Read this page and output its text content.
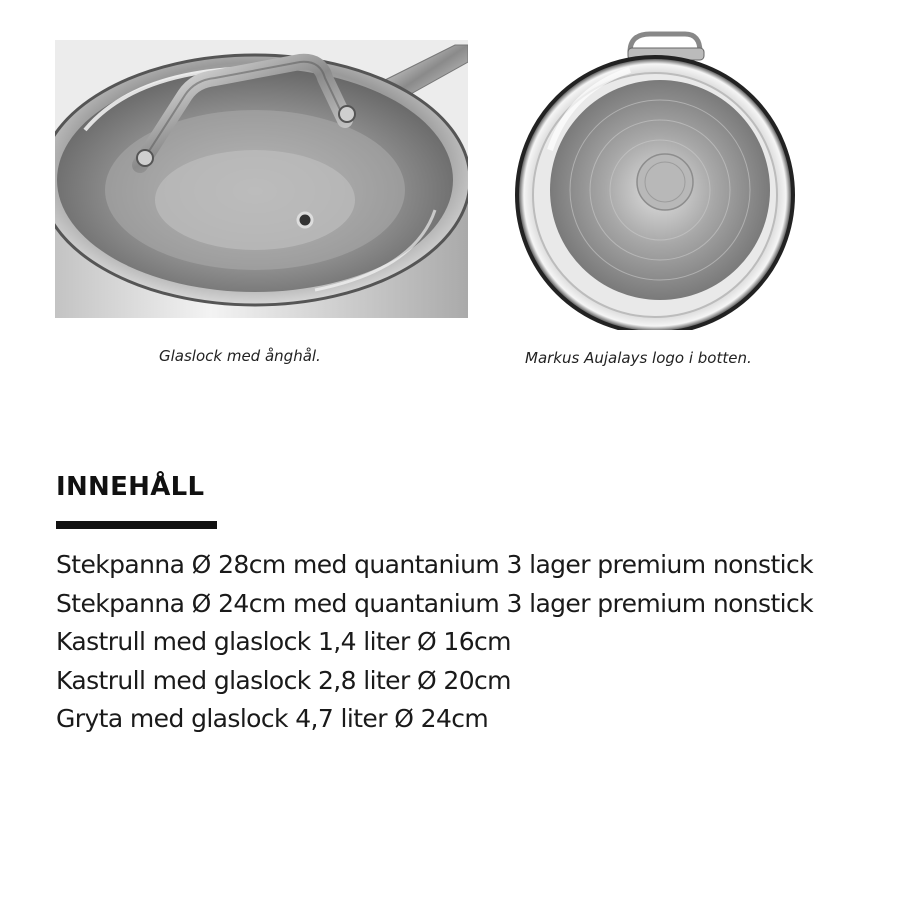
Glaslock med ånghål.	Markus Aujalays logo i botten.
INNEHÅLL
Stekpanna Ø 28cm med quantanium 3 lager premium nonstick
Stekpanna Ø 24cm med quantanium 3 lager premium nonstick
Kastrull med glaslock 1,4 liter Ø 16cm
Kastrull med glaslock 2,8 liter Ø 20cm
Gryta med glaslock 4,7 liter Ø 24cm
